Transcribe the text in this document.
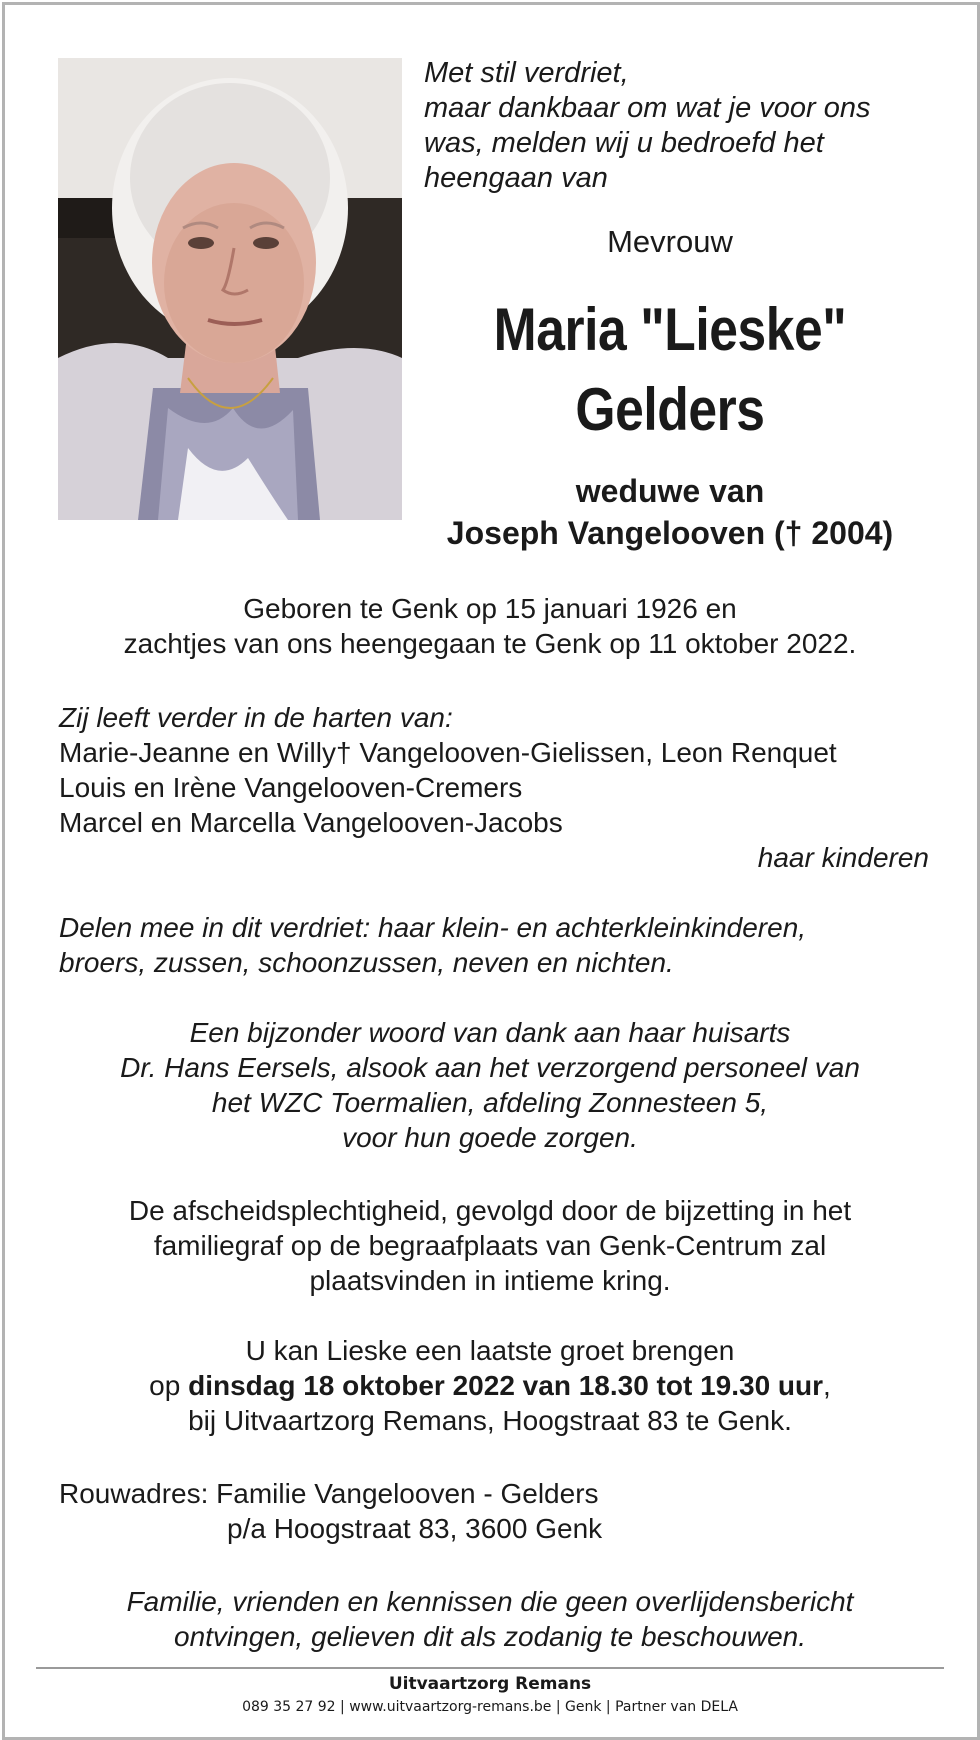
Met stil verdriet,
maar dankbaar om wat je voor ons
was, melden wij u bedroefd het
heengaan van
Mevrouw
Maria "Lieske"
Gelders
weduwe van
Joseph Vangelooven († 2004)
Geboren te Genk op 15 januari 1926 en
zachtjes van ons heengegaan te Genk op 11 oktober 2022.
Zij leeft verder in de harten van:
Marie-Jeanne en Willy† Vangelooven-Gielissen, Leon Renquet
Louis en Irène Vangelooven-Cremers
Marcel en Marcella Vangelooven-Jacobs
haar kinderen
Delen mee in dit verdriet: haar klein- en achterkleinkinderen,
broers, zussen, schoonzussen, neven en nichten.
Een bijzonder woord van dank aan haar huisarts
Dr. Hans Eersels, alsook aan het verzorgend personeel van
het WZC Toermalien, afdeling Zonnesteen 5,
voor hun goede zorgen.
De afscheidsplechtigheid, gevolgd door de bijzetting in het
familiegraf op de begraafplaats van Genk-Centrum zal
plaatsvinden in intieme kring.
U kan Lieske een laatste groet brengen
op dinsdag 18 oktober 2022 van 18.30 tot 19.30 uur,
bij Uitvaartzorg Remans, Hoogstraat 83 te Genk.
Rouwadres: Familie Vangelooven - Gelders
p/a Hoogstraat 83, 3600 Genk
Familie, vrienden en kennissen die geen overlijdensbericht
ontvingen, gelieven dit als zodanig te beschouwen.
Uitvaartzorg Remans
089 35 27 92 | www.uitvaartzorg-remans.be | Genk | Partner van DELA
